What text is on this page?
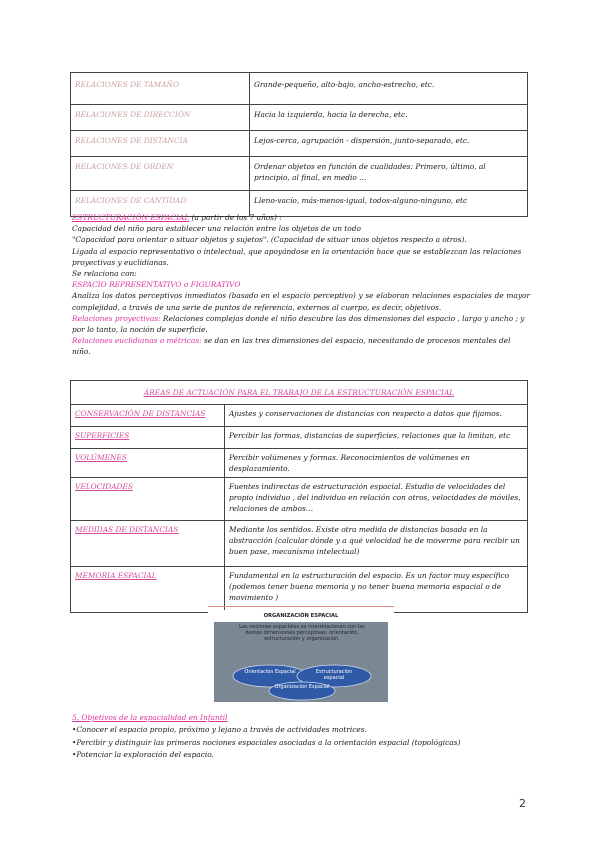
RELACIONES DE TAMAÑO	Grande-pequeño, alto-bajo, ancho-estrecho, etc.
RELACIONES DE DIRECCIÓN	Hacia la izquierda, hacia la derecha, etc.
RELACIONES DE DISTANCIA	Lejos-cerca, agrupación - dispersión, junto-separado, etc.
RELACIONES DE ORDEN	Ordenar objetos en función de cualidades: Primero, último, al principio, al final, en medio ...
RELACIONES DE CANTIDAD	Lleno-vacío, más-menos-igual, todos-alguno-ninguno, etc

ESTRUCTURACIÓN ESPACIAL (a partir de los 7 años) :

Capacidad del niño para establecer una relación entre los objetos de un todo

"Capacidad para orientar o situar objetos y sujetos". (Capacidad de situar unos objetos respecto a otros).

Ligada al espacio representativo o intelectual, que apoyándose en la orientación hace que se establezcan las relaciones proyectivas y euclidianas.

Se relaciona con:

ESPACIO REPRESENTATIVO o FIGURATIVO

Analiza los datos perceptivos inmediatos (basado en el espacio perceptivo) y se elaboran relaciones espaciales de mayor complejidad, a través de una serie de puntos de referencia, externos al cuerpo, es decir, objetivos.

Relaciones proyectivas: Relaciones complejas donde el niño descubre las dos dimensiones del espacio , largo y ancho ; y por lo tanto, la noción de superficie.

Relaciones euclidianas o métricas: se dan en las tres dimensiones del espacio, necesitando de procesos mentales del niño.

ÁREAS DE ACTUACIÓN PARA EL TRABAJO DE LA ESTRUCTURACIÓN ESPACIAL	
CONSERVACIÓN DE DISTANCIAS	Ajustes y conservaciones de distancias con respecto a datos que fijamos.
SUPERFICIES	Percibir las formas, distancias de superficies, relaciones que la limitan, etc
VOLÚMENES	Percibir volúmenes y formas. Reconocimientos de volúmenes en desplazamiento.
VELOCIDADES	Fuentes indirectas de estructuración espacial. Estudio de velocidades del propio individuo , del individuo en relación con otros, velocidades de móviles, relaciones de ambos…
MEDIDAS DE DISTANCIAS	Mediante los sentidos. Existe otra medida de distancias basada en la abstracción (calcular dónde y a qué velocidad he de moverme para recibir un buen pase, mecanismo intelectual)
MEMORIA ESPACIAL	Fundamental en la estructuración del espacio. Es un factor muy específico (podemos tener buena memoria y no tener buena memoria espacial o de movimiento )
ORGANIZACIÓN ESPACIAL
Las nociones espaciales se interrelacionan con las demás dimensiones perceptivas: orientación, estructuración y organización.
Orientación Espacial	Estructuración espacial
Organización Espacial

5. Objetivos de la espacialidad en Infantil

•Conocer el espacio propio, próximo y lejano a través de actividades motrices.

•Percibir y distinguir las primeras nociones espaciales asociadas a la orientación espacial (topológicas)

•Potenciar la exploración del espacio.

2
